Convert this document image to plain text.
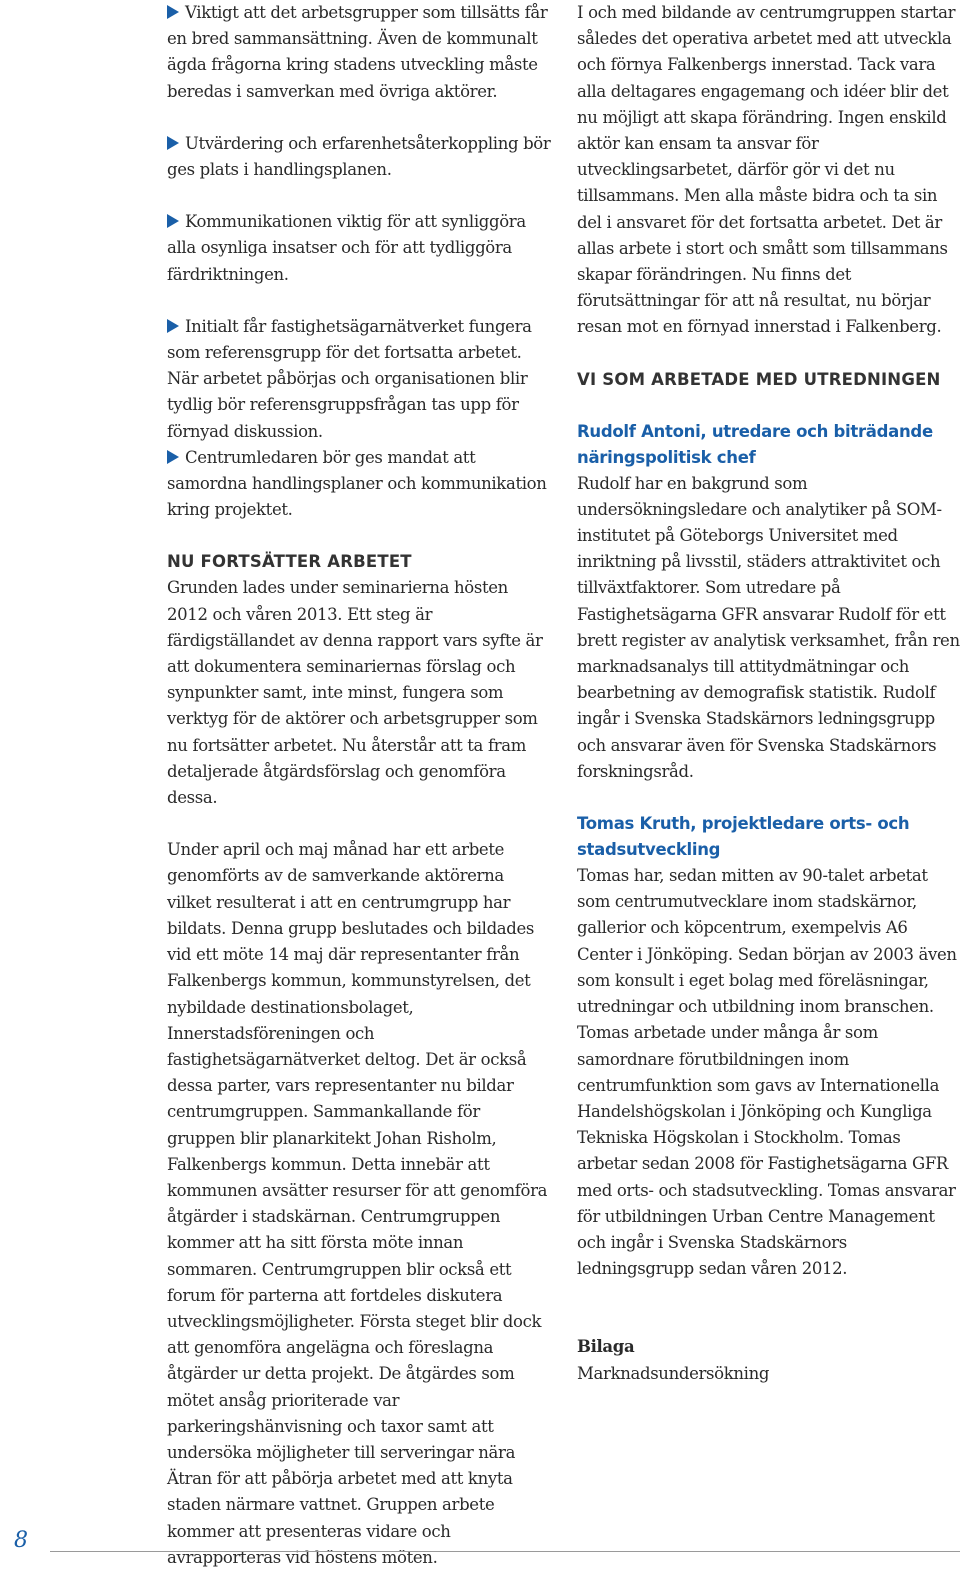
Viktigt att det arbetsgrupper som tillsätts får en bred sammansättning. Även de kommunalt ägda frågorna kring stadens utveckling måste beredas i samverkan med övriga aktörer.

Utvärdering och erfarenhetsåterkoppling bör ges plats i handlingsplanen.

Kommunikationen viktig för att synliggöra alla osynliga insatser och för att tydliggöra färdriktningen.

Initialt får fastighetsägarnätverket fungera som referensgrupp för det fortsatta arbetet. När arbetet påbörjas och organisationen blir tydlig bör referensgruppsfrågan tas upp för förnyad diskussion.

Centrumledaren bör ges mandat att samordna handlingsplaner och kommunikation kring projektet.

NU FORTSÄTTER ARBETET

Grunden lades under seminarierna hösten 2012 och våren 2013. Ett steg är färdigställandet av denna rapport vars syfte är att dokumentera seminariernas förslag och synpunkter samt, inte minst, fungera som verktyg för de aktörer och arbetsgrupper som nu fortsätter arbetet. Nu återstår att ta fram detaljerade åtgärdsförslag och genomföra dessa.

Under april och maj månad har ett arbete genomförts av de samverkande aktörerna vilket resulterat i att en centrumgrupp har bildats. Denna grupp beslutades och bildades vid ett möte 14 maj där representanter från Falkenbergs kommun, kommunstyrelsen, det nybildade destinationsbolaget, Innerstadsföreningen och fastighetsägarnätverket deltog. Det är också dessa parter, vars representanter nu bildar centrumgruppen. Sammankallande för gruppen blir planarkitekt Johan Risholm, Falkenbergs kommun. Detta innebär att kommunen avsätter resurser för att genomföra åtgärder i stadskärnan. Centrumgruppen kommer att ha sitt första möte innan sommaren. Centrumgruppen blir också ett forum för parterna att fortdeles diskutera utvecklingsmöjligheter. Första steget blir dock att genomföra angelägna och föreslagna åtgärder ur detta projekt. De åtgärdes som mötet ansåg prioriterade var parkeringshänvisning och taxor samt att undersöka möjligheter till serveringar nära Ätran för att påbörja arbetet med att knyta staden närmare vattnet. Gruppen arbete kommer att presenteras vidare och avrapporteras vid höstens möten.

I och med bildande av centrumgruppen startar således det operativa arbetet med att utveckla och förnya Falkenbergs innerstad. Tack vara alla deltagares engagemang och idéer blir det nu möjligt att skapa förändring. Ingen enskild aktör kan ensam ta ansvar för utvecklingsarbetet, därför gör vi det nu tillsammans. Men alla måste bidra och ta sin del i ansvaret för det fortsatta arbetet. Det är allas arbete i stort och smått som tillsammans skapar förändringen. Nu finns det förutsättningar för att nå resultat, nu börjar resan mot en förnyad innerstad i Falkenberg.

VI SOM ARBETADE MED UTREDNINGEN
Rudolf Antoni, utredare och biträdande näringspolitisk chef

Rudolf har en bakgrund som undersökningsledare och analytiker på SOM-institutet på Göteborgs Universitet med inriktning på livsstil, städers attraktivitet och tillväxtfaktorer. Som utredare på Fastighetsägarna GFR ansvarar Rudolf för ett brett register av analytisk verksamhet, från ren marknadsanalys till attitydmätningar och bearbetning av demografisk statistik. Rudolf ingår i Svenska Stadskärnors ledningsgrupp och ansvarar även för Svenska Stadskärnors forskningsråd.

Tomas Kruth, projektledare orts- och stadsutveckling

Tomas har, sedan mitten av 90-talet arbetat som centrumutvecklare inom stadskärnor, gallerior och köpcentrum, exempelvis A6 Center i Jönköping. Sedan början av 2003 även som konsult i eget bolag med föreläsningar, utredningar och utbildning inom branschen. Tomas arbetade under många år som samordnare förutbildningen inom centrumfunktion som gavs av Internationella Handelshögskolan i Jönköping och Kungliga Tekniska Högskolan i Stockholm. Tomas arbetar sedan 2008 för Fastighetsägarna GFR med orts- och stadsutveckling. Tomas ansvarar för utbildningen Urban Centre Management och ingår i Svenska Stadskärnors ledningsgrupp sedan våren 2012.

Bilaga

Marknadsundersökning

8
